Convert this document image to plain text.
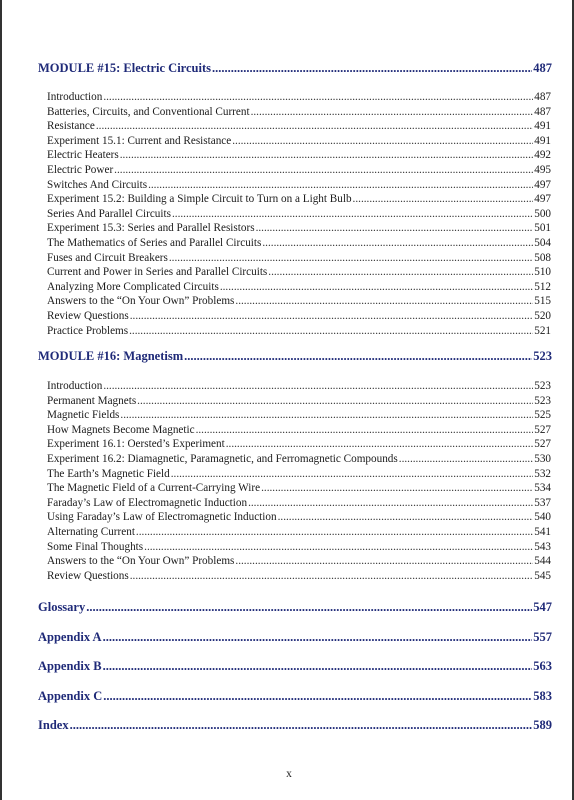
MODULE #15: Electric Circuits .....	487
Introduction .....	487
Batteries, Circuits, and Conventional Current .....	487
Resistance .....	491
Experiment 15.1: Current and Resistance .....	491
Electric Heaters .....	492
Electric Power .....	495
Switches And Circuits .....	497
Experiment 15.2: Building a Simple Circuit to Turn on a Light Bulb .....	497
Series And Parallel Circuits .....	500
Experiment 15.3: Series and Parallel Resistors .....	501
The Mathematics of Series and Parallel Circuits .....	504
Fuses and Circuit Breakers .....	508
Current and Power in Series and Parallel Circuits .....	510
Analyzing More Complicated Circuits .....	512
Answers to the “On Your Own” Problems .....	515
Review Questions .....	520
Practice Problems .....	521
MODULE #16: Magnetism .....	523
Introduction .....	523
Permanent Magnets .....	523
Magnetic Fields .....	525
How Magnets Become Magnetic .....	527
Experiment 16.1: Oersted’s Experiment .....	527
Experiment 16.2: Diamagnetic, Paramagnetic, and Ferromagnetic Compounds .....	530
The Earth’s Magnetic Field .....	532
The Magnetic Field of a Current-Carrying Wire .....	534
Faraday’s Law of Electromagnetic Induction .....	537
Using Faraday’s Law of Electromagnetic Induction .....	540
Alternating Current .....	541
Some Final Thoughts .....	543
Answers to the “On Your Own” Problems .....	544
Review Questions .....	545
Glossary .....	547
Appendix A .....	557
Appendix B .....	563
Appendix C .....	583
Index .....	589
x
